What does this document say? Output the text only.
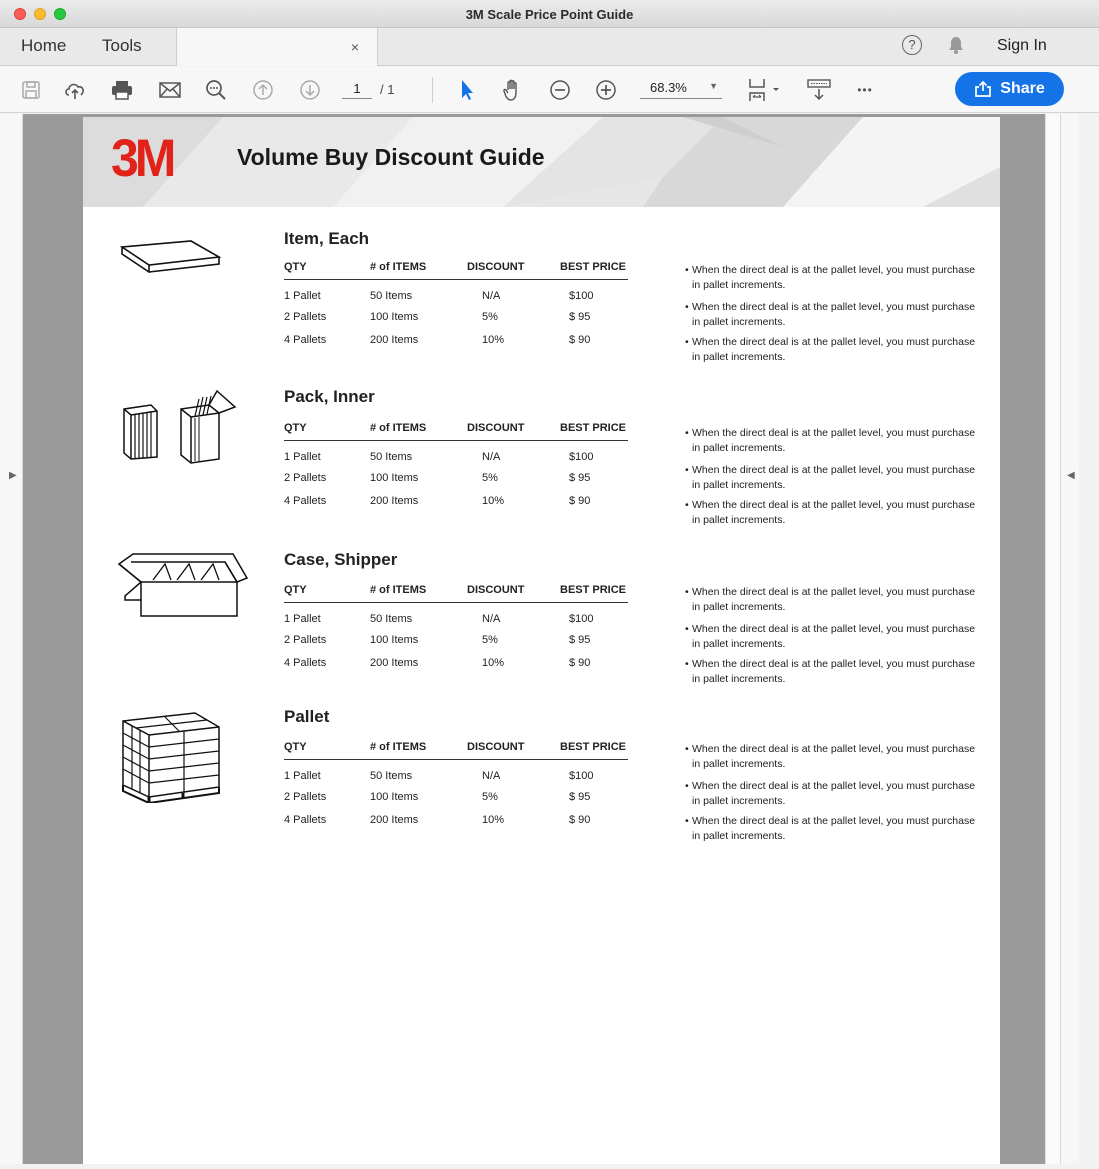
3M Scale Price Point Guide
Home Tools	×	?	Sign In
1	/ 1	68.3% ▼	•••	Share
▶	◀
3M	Volume Buy Discount Guide
Item, Each
QTY	# of ITEMS	DISCOUNT	BEST PRICE
1 Pallet	50 Items	N/A	$100
2 Pallets	100 Items	5%	$ 95
4 Pallets	200 Items	10%	$ 90
• When the direct deal is at the pallet level, you must purchase in pallet increments.
• When the direct deal is at the pallet level, you must purchase in pallet increments.
• When the direct deal is at the pallet level, you must purchase in pallet increments.
Pack, Inner
QTY	# of ITEMS	DISCOUNT	BEST PRICE
1 Pallet	50 Items	N/A	$100
2 Pallets	100 Items	5%	$ 95
4 Pallets	200 Items	10%	$ 90
• When the direct deal is at the pallet level, you must purchase in pallet increments.
• When the direct deal is at the pallet level, you must purchase in pallet increments.
• When the direct deal is at the pallet level, you must purchase in pallet increments.
Case, Shipper
QTY	# of ITEMS	DISCOUNT	BEST PRICE
1 Pallet	50 Items	N/A	$100
2 Pallets	100 Items	5%	$ 95
4 Pallets	200 Items	10%	$ 90
• When the direct deal is at the pallet level, you must purchase in pallet increments.
• When the direct deal is at the pallet level, you must purchase in pallet increments.
• When the direct deal is at the pallet level, you must purchase in pallet increments.
Pallet
QTY	# of ITEMS	DISCOUNT	BEST PRICE
1 Pallet	50 Items	N/A	$100
2 Pallets	100 Items	5%	$ 95
4 Pallets	200 Items	10%	$ 90
• When the direct deal is at the pallet level, you must purchase in pallet increments.
• When the direct deal is at the pallet level, you must purchase in pallet increments.
• When the direct deal is at the pallet level, you must purchase in pallet increments.
